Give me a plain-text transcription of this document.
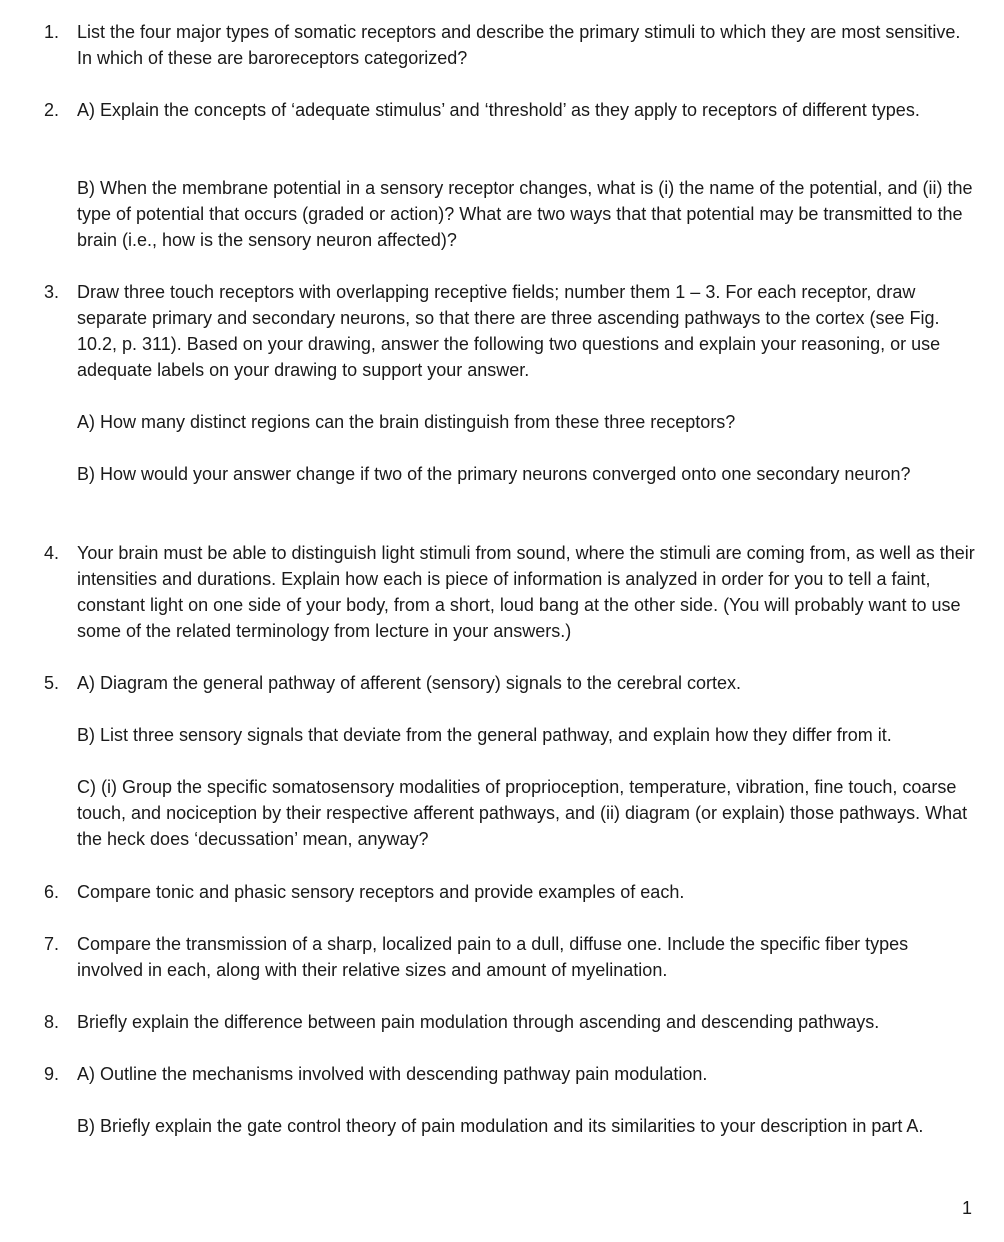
1. List the four major types of somatic receptors and describe the primary stimuli to which they are most sensitive. In which of these are baroreceptors categorized?

2. A) Explain the concepts of ‘adequate stimulus’ and ‘threshold’ as they apply to receptors of different types.

B) When the membrane potential in a sensory receptor changes, what is (i) the name of the potential, and (ii) the type of potential that occurs (graded or action)? What are two ways that that potential may be transmitted to the brain (i.e., how is the sensory neuron affected)?

3. Draw three touch receptors with overlapping receptive fields; number them 1 – 3. For each receptor, draw separate primary and secondary neurons, so that there are three ascending pathways to the cortex (see Fig. 10.2, p. 311). Based on your drawing, answer the following two questions and explain your reasoning, or use adequate labels on your drawing to support your answer.

A) How many distinct regions can the brain distinguish from these three receptors?

B) How would your answer change if two of the primary neurons converged onto one secondary neuron?

4. Your brain must be able to distinguish light stimuli from sound, where the stimuli are coming from, as well as their intensities and durations. Explain how each is piece of information is analyzed in order for you to tell a faint, constant light on one side of your body, from a short, loud bang at the other side. (You will probably want to use some of the related terminology from lecture in your answers.)

5. A) Diagram the general pathway of afferent (sensory) signals to the cerebral cortex.

B) List three sensory signals that deviate from the general pathway, and explain how they differ from it.

C) (i) Group the specific somatosensory modalities of proprioception, temperature, vibration, fine touch, coarse touch, and nociception by their respective afferent pathways, and (ii) diagram (or explain) those pathways. What the heck does ‘decussation’ mean, anyway?

6. Compare tonic and phasic sensory receptors and provide examples of each.

7. Compare the transmission of a sharp, localized pain to a dull, diffuse one. Include the specific fiber types involved in each, along with their relative sizes and amount of myelination.

8. Briefly explain the difference between pain modulation through ascending and descending pathways.

9. A) Outline the mechanisms involved with descending pathway pain modulation.

B) Briefly explain the gate control theory of pain modulation and its similarities to your description in part A.

1
